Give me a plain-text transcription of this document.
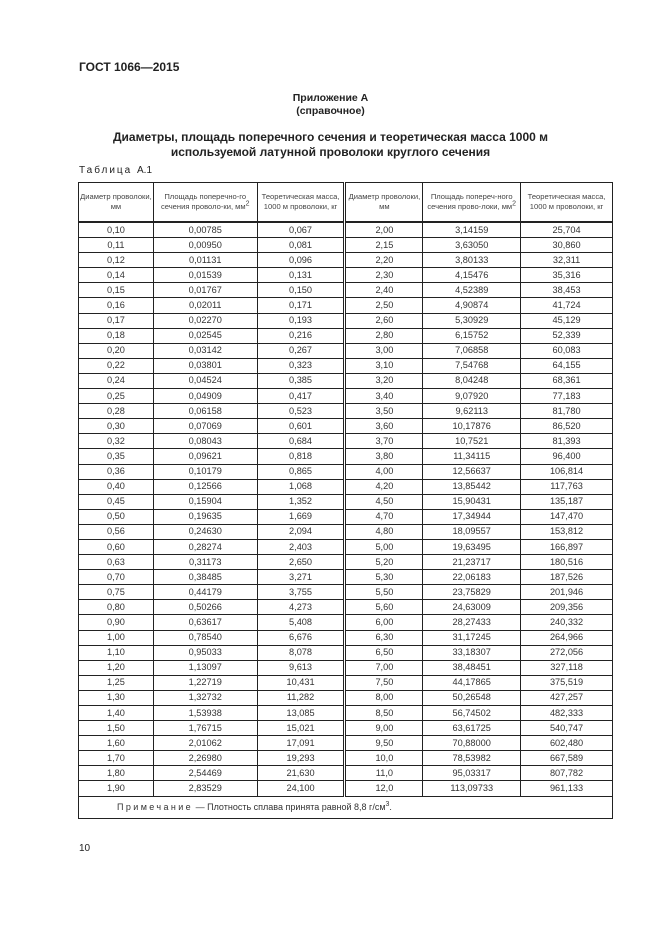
ГОСТ 1066—2015
Приложение А
(справочное)
Диаметры, площадь поперечного сечения и теоретическая масса 1000 м
используемой латунной проволоки круглого сечения
Таблица А.1
Диаметр проволоки, мм	Площадь поперечно-го сечения проволо-ки, $мм^2$	Теоретическая масса, 1000 м проволоки, кг	Диаметр проволоки, мм	Площадь попереч-ного сечения прово-локи, $мм^2$	Теоретическая масса, 1000 м проволоки, кг
0,10	0,00785	0,067	2,00	3,14159	25,704
0,11	0,00950	0,081	2,15	3,63050	30,860
0,12	0,01131	0,096	2,20	3,80133	32,311
0,14	0,01539	0,131	2,30	4,15476	35,316
0,15	0,01767	0,150	2,40	4,52389	38,453
0,16	0,02011	0,171	2,50	4,90874	41,724
0,17	0,02270	0,193	2,60	5,30929	45,129
0,18	0,02545	0,216	2,80	6,15752	52,339
0,20	0,03142	0,267	3,00	7,06858	60,083
0,22	0,03801	0,323	3,10	7,54768	64,155
0,24	0,04524	0,385	3,20	8,04248	68,361
0,25	0,04909	0,417	3,40	9,07920	77,183
0,28	0,06158	0,523	3,50	9,62113	81,780
0,30	0,07069	0,601	3,60	10,17876	86,520
0,32	0,08043	0,684	3,70	10,7521	81,393
0,35	0,09621	0,818	3,80	11,34115	96,400
0,36	0,10179	0,865	4,00	12,56637	106,814
0,40	0,12566	1,068	4,20	13,85442	117,763
0,45	0,15904	1,352	4,50	15,90431	135,187
0,50	0,19635	1,669	4,70	17,34944	147,470
0,56	0,24630	2,094	4,80	18,09557	153,812
0,60	0,28274	2,403	5,00	19,63495	166,897
0,63	0,31173	2,650	5,20	21,23717	180,516
0,70	0,38485	3,271	5,30	22,06183	187,526
0,75	0,44179	3,755	5,50	23,75829	201,946
0,80	0,50266	4,273	5,60	24,63009	209,356
0,90	0,63617	5,408	6,00	28,27433	240,332
1,00	0,78540	6,676	6,30	31,17245	264,966
1,10	0,95033	8,078	6,50	33,18307	272,056
1,20	1,13097	9,613	7,00	38,48451	327,118
1,25	1,22719	10,431	7,50	44,17865	375,519
1,30	1,32732	11,282	8,00	50,26548	427,257
1,40	1,53938	13,085	8,50	56,74502	482,333
1,50	1,76715	15,021	9,00	63,61725	540,747
1,60	2,01062	17,091	9,50	70,88000	602,480
1,70	2,26980	19,293	10,0	78,53982	667,589
1,80	2,54469	21,630	11,0	95,03317	807,782
1,90	2,83529	24,100	12,0	113,09733	961,133
Примечание — Плотность сплава принята равной 8,8 $г/см^3$.					
10
